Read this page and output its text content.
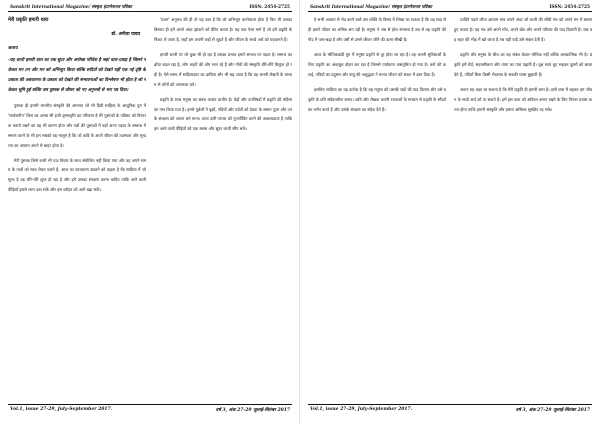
Sanskrit International Magazine/ संस्कृत इंटरनेशनल पत्रिका	ISSN: 2454-2725
मेरी प्रकृति हमारी धारा
डॉ. अनीता यादव
आशय
-यह धरती हमारी धारा का एक सुंदर और अनोखा परिवेश है जहां धारा-प्रवाह है जिसने न केवल मन तन और मन को अभिभूत किया बल्कि सदियों को देखते यहीं एक नई दृष्टि के प्रकाश की अवधारणा के प्रकाश को देखते की संभावनाओं का विश्लेषण भी होता है जो न केवल भूमि हुई बल्कि उस पुस्तक से जीवन को नए अनुभवों से भरा पत्र दिया।

पुस्तक ही हमारी भारतीय संस्कृति की अमानत जो भी हिंदी साहित्य के आधुनिक युग में 'सार्वजनीन' जिस का अभय सी हजी कृष्णवृत्ति का परिणाम है मेरे पुस्तकों के पत्रिका को निरंतरता बनाये रखने का वह भी कारण होता और पत्रों की पुस्तकों में यहाँ अन्तः पड़ाव के सम्बन्ध में स्मरण करने के भी हम सबको यह मालूम है कि जो कवि के अपने जीवन की तटस्थता और सुन्दरता का आयाम अपने से बाहर होता है।

मेरी पुस्तक जिसे कभी भी एक विचार के साथ संयोजित नहीं किया गया और वह अपने समय के तत्वों को साथ लेकर चलते हैं, आज का वातावरण बदलने को कहता है कि साहित्य में जो मूल्य है वह धीरे-धीरे लुप्त हो रहा है और हमें उसका संरक्षण करना चाहिए ताकि आने वाली पीढ़ियाँ इससे लाभ उठा सकें और इस धरोहर को आगे बढ़ा सकें।

'प्रथम' अनुभव की ही तो यह बात है कि जो अभिभूत करनेवाला होता है फिर भी उसका विस्तार ही हमें अपने अंदर झांकने को प्रेरित करता है। यह एक ऐसा मार्ग है जो हमें प्रकृति के निकट ले जाता है, जहाँ हम अपनी जड़ों से जुड़ते हैं और जीवन के सच्चे अर्थ को पहचानते हैं।

हमारी धरती पर जो कुछ भी हो रहा है उसका प्रभाव हमारे समाज पर पड़ता है। समाज का ढाँचा बदल रहा है, लोग शहरों की ओर भाग रहे हैं और गाँवों की संस्कृति धीरे-धीरे विलुप्त हो रही है। ऐसे समय में साहित्यकार का दायित्व और भी बढ़ जाता है कि वह अपनी लेखनी के माध्यम से लोगों को जागरूक करे।

प्रकृति के साथ मनुष्य का संबंध अत्यंत प्राचीन है। वेदों और उपनिषदों में प्रकृति की महिमा का गान किया गया है। हमारे पूर्वजों ने वृक्षों, नदियों और पर्वतों को देवता के समान पूजा और उनके संरक्षण को अपना धर्म माना। आज उसी परंपरा को पुनर्जीवित करने की आवश्यकता है ताकि हम आने वाली पीढ़ियों को एक स्वस्थ और सुंदर धरती सौंप सकें।

Vol.1, issue 27-29, July-September 2017.	वर्ष 3, अंक 27-29 जुलाई-सितंबर 2017
Sanskrit International Magazine/ संस्कृत इंटरनेशनल पत्रिका	ISSN: 2454-2725

ये सभी आयाम से भेद करने वाले उस शक्ति के विषय में लिखा जा सकता है कि वह सदा से ही हमारे जीवन का अभिन्न अंग रही है। मनुष्य ने जब से होश संभाला है तब से वह प्रकृति की गोद में पला-बढ़ा है और उसी से उसने जीवन जीने की कला सीखी है।

आज के भौतिकवादी युग में मनुष्य प्रकृति से दूर होता जा रहा है। वह अपनी सुविधाओं के लिए प्रकृति का अंधाधुंध दोहन कर रहा है जिससे पर्यावरण असंतुलित हो गया है। वनों की कटाई, नदियों का प्रदूषण और वायु की अशुद्धता ने मानव जीवन को संकट में डाल दिया है।

इसलिए साहित्य का यह कर्तव्य है कि वह मनुष्य को उसकी जड़ों की याद दिलाए और उसे प्रकृति के प्रति संवेदनशील बनाए। कवि और लेखक अपनी रचनाओं के माध्यम से प्रकृति के सौंदर्य का वर्णन करते हैं और उसके संरक्षण का संदेश देते हैं।

व्यक्ति पहले जीता आयाम मात्र अपने अंदर जो धरती की सोंधी गंध को अपने मन में बसाए हुए चलता है। यह गंध उसे अपने गाँव, अपने खेत और अपने परिवार की याद दिलाती है। जब वह शहर की भीड़ में खो जाता है तब यही यादें उसे संबल देती हैं।

प्रकृति और मनुष्य के बीच का यह संबंध केवल भौतिक नहीं बल्कि आध्यात्मिक भी है। प्रकृति हमें धैर्य, सहनशीलता और त्याग का पाठ पढ़ाती है। वृक्ष स्वयं धूप सहकर दूसरों को छाया देते हैं, नदियाँ बिना किसी भेदभाव के सबकी प्यास बुझाती हैं।

अंततः यह कहा जा सकता है कि मेरी प्रकृति ही हमारी धारा है। इसी धारा में बहकर हम जीवन के सच्चे अर्थ को पा सकते हैं। हमें इस धारा को अविरल बनाए रखने के लिए निरंतर प्रयास करना होगा ताकि हमारी संस्कृति और हमारा अस्तित्व सुरक्षित रह सके।

Vol.1, issue 27-29, July-September 2017.	वर्ष 3, अंक 27-29 जुलाई-सितंबर 2017
